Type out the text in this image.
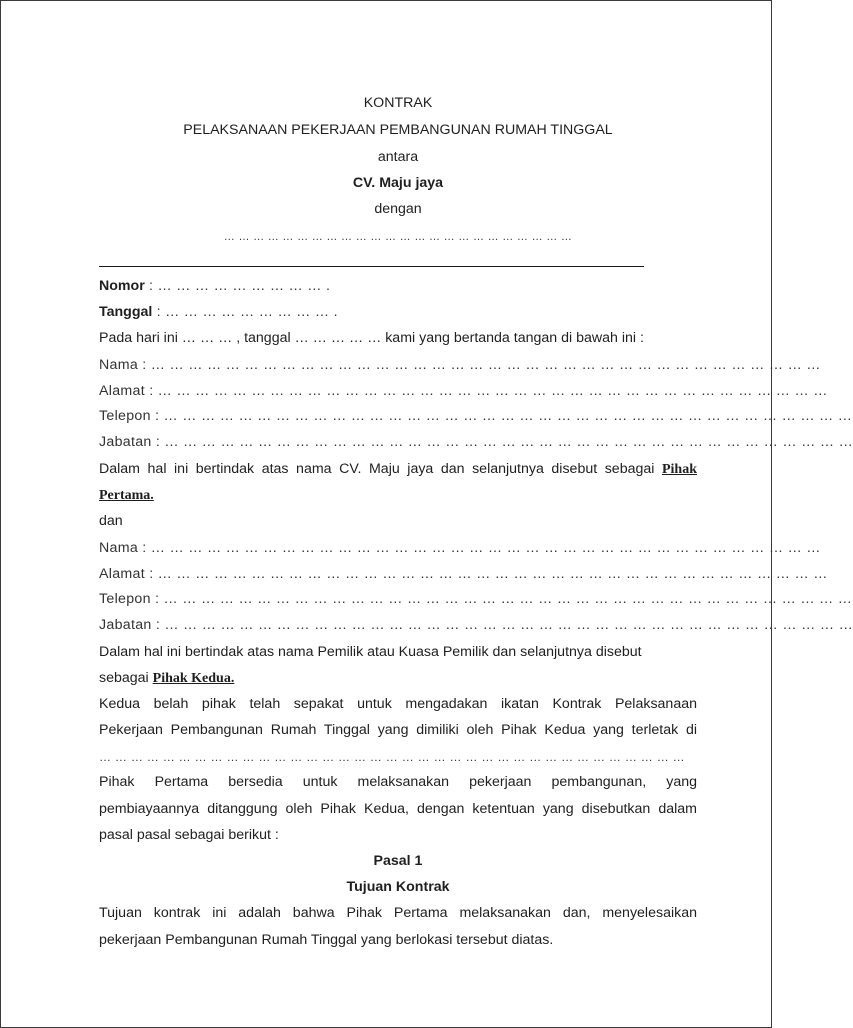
KONTRAK
PELAKSANAAN PEKERJAAN PEMBANGUNAN RUMAH TINGGAL
antara
CV. Maju jaya
dengan
… … … … … … … … … … … … … … … … … … … … … … … …
Nomor : … … … … … … … … … .
Tanggal : … … … … … … … … … .
Pada hari ini … … … , tanggal … … … … … kami yang bertanda tangan di bawah ini :
Nama : … … … … … … … … … … … … … … … … … … … … … … … … … … … … … … … … … … … …
Alamat : … … … … … … … … … … … … … … … … … … … … … … … … … … … … … … … … … … … …
Telepon : … … … … … … … … … … … … … … … … … … … … … … … … … … … … … … … … … … … … …
Jabatan : … … … … … … … … … … … … … … … … … … … … … … … … … … … … … … … … … … … … …
Dalam hal ini bertindak atas nama CV. Maju jaya dan selanjutnya disebut sebagai Pihak
Pertama.
dan
Nama : … … … … … … … … … … … … … … … … … … … … … … … … … … … … … … … … … … … …
Alamat : … … … … … … … … … … … … … … … … … … … … … … … … … … … … … … … … … … … …
Telepon : … … … … … … … … … … … … … … … … … … … … … … … … … … … … … … … … … … … … …
Jabatan : … … … … … … … … … … … … … … … … … … … … … … … … … … … … … … … … … … … … …
Dalam hal ini bertindak atas nama Pemilik atau Kuasa Pemilik dan selanjutnya disebut
sebagai Pihak Kedua.
Kedua belah pihak telah sepakat untuk mengadakan ikatan Kontrak Pelaksanaan
Pekerjaan Pembangunan Rumah Tinggal yang dimiliki oleh Pihak Kedua yang terletak di
… … … … … … … … … … … … … … … … … … … … … … … … … … … … … … … … … … … … …
Pihak Pertama bersedia untuk melaksanakan pekerjaan pembangunan, yang
pembiayaannya ditanggung oleh Pihak Kedua, dengan ketentuan yang disebutkan dalam
pasal pasal sebagai berikut :
Pasal 1
Tujuan Kontrak
Tujuan kontrak ini adalah bahwa Pihak Pertama melaksanakan dan, menyelesaikan
pekerjaan Pembangunan Rumah Tinggal yang berlokasi tersebut diatas.
